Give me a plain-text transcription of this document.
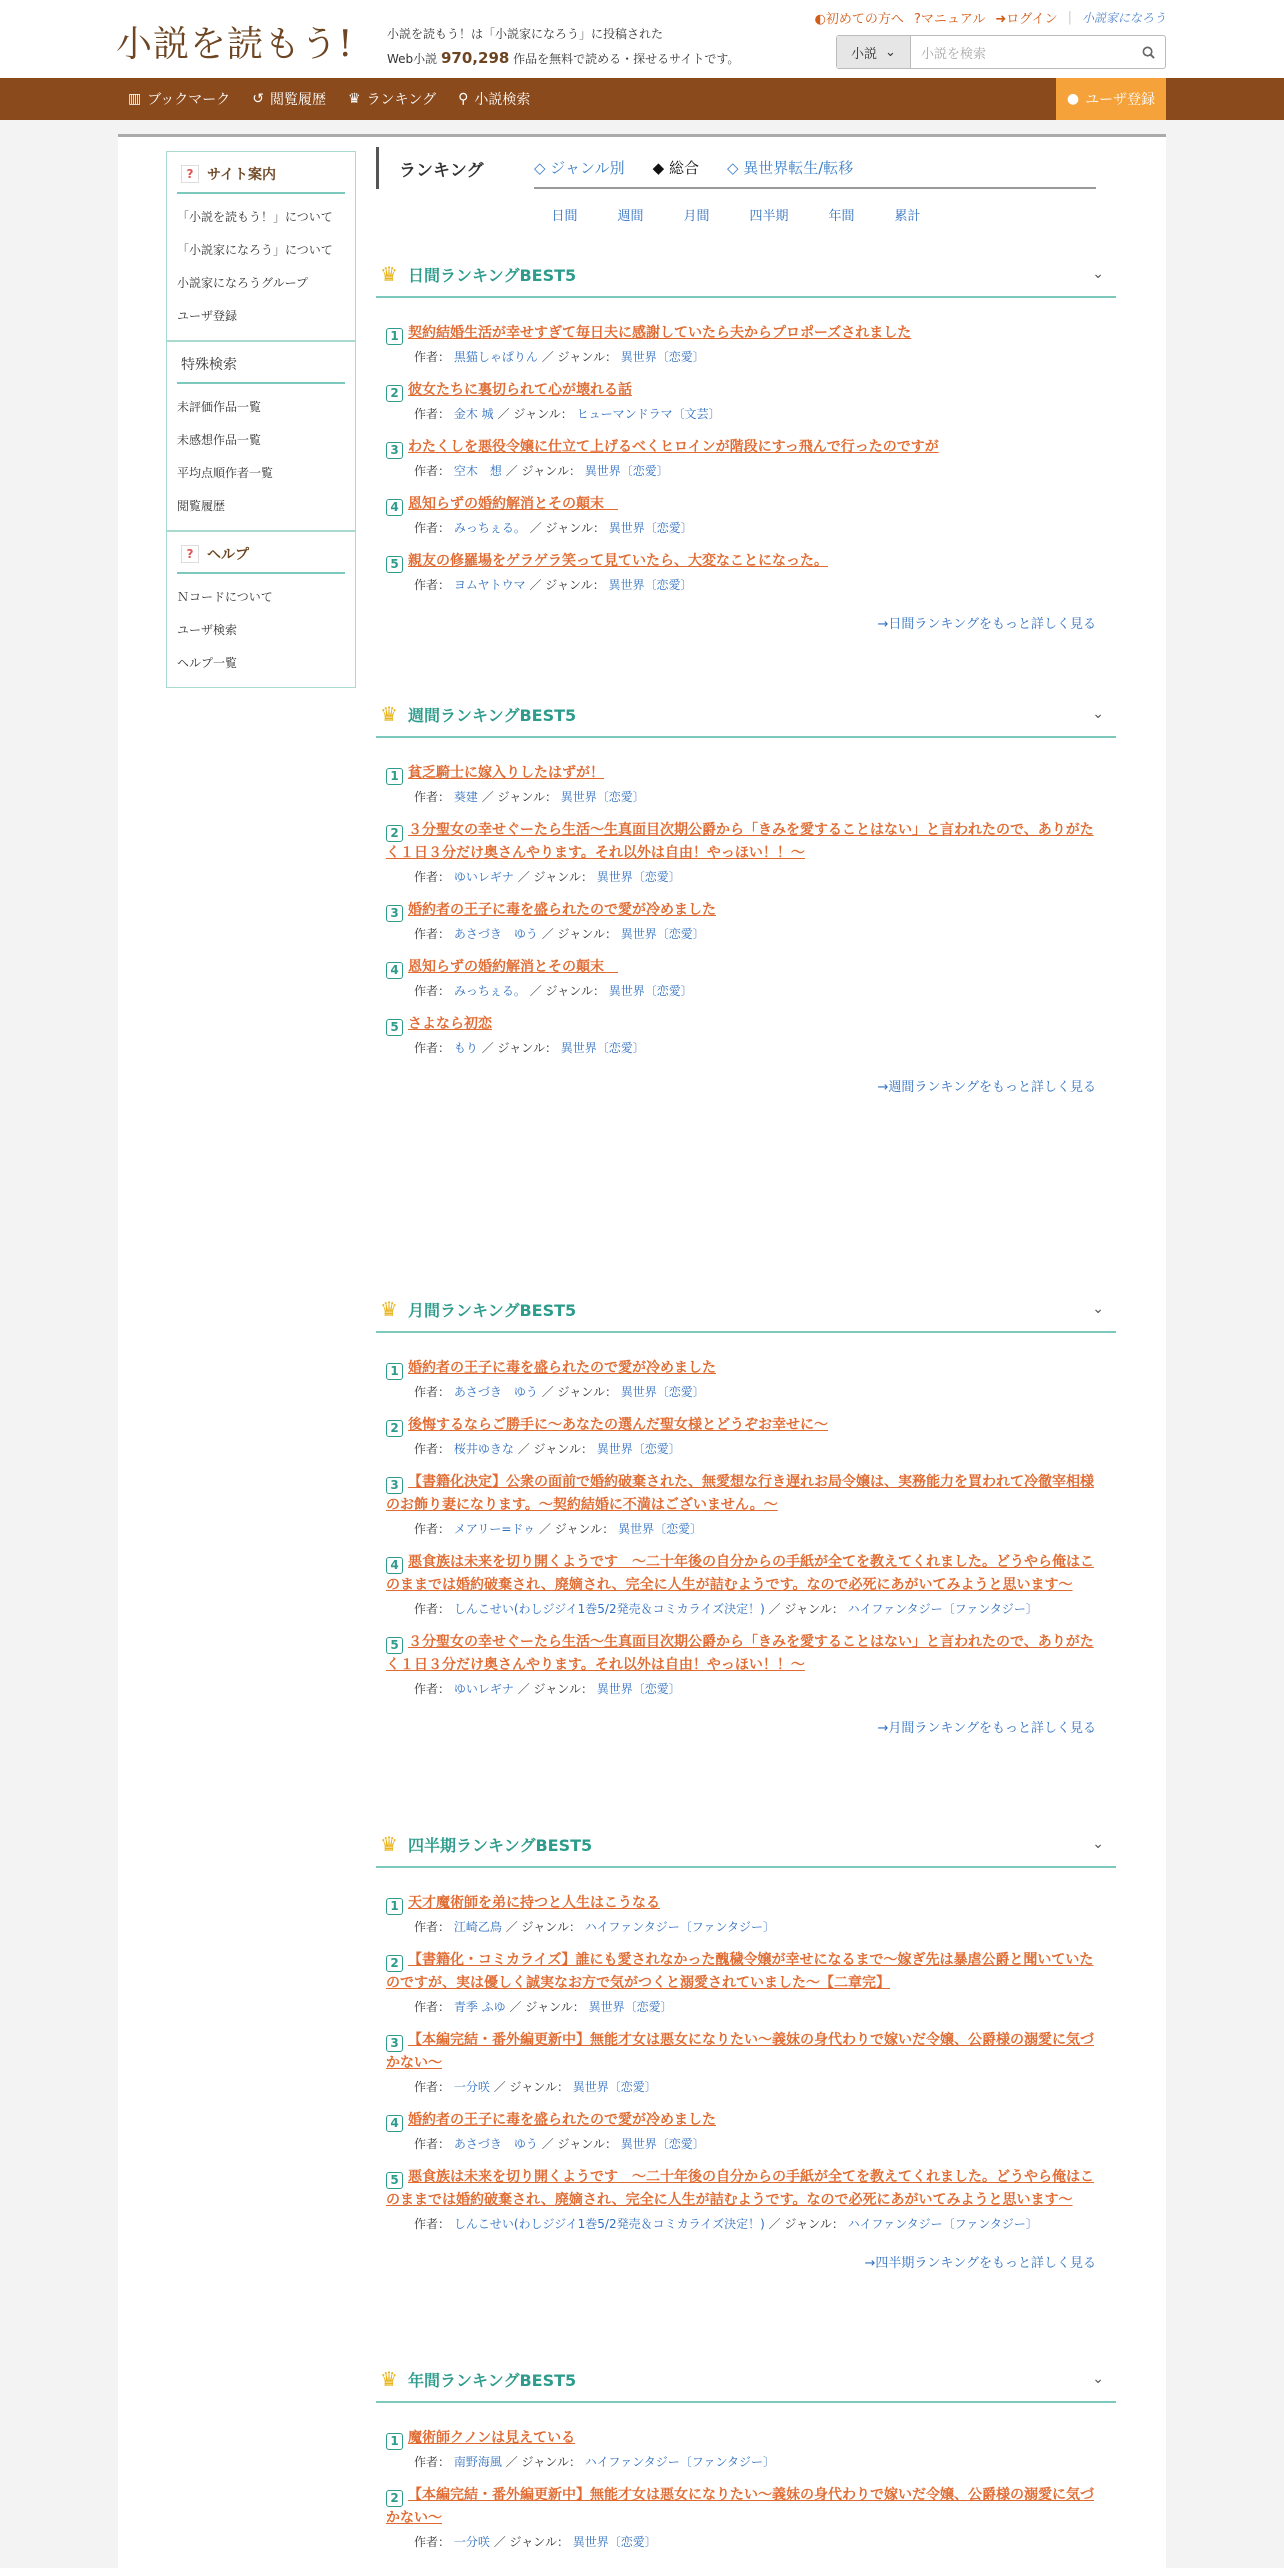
小説を読もう!	小説を読もう！は「小説家になろう」に投稿された
Web小説 970,298 作品を無料で読める・探せるサイトです。
◐初めての方へ ?マニュアル ➜ログイン | 小説家になろう
小説 ⌄	小説を検索
▥ ブックマーク ↺ 閲覧履歴 ♛ ランキング ⚲ 小説検索	● ユーザ登録
? サイト案内
「小説を読もう！」について
「小説家になろう」について
小説家になろうグループ
ユーザ登録
特殊検索
未評価作品一覧
未感想作品一覧
平均点順作者一覧
閲覧履歴
? ヘルプ
Ｎコードについて
ユーザ検索
ヘルプ一覧
ランキング	◇ ジャンル別 ◆ 総合 ◇ 異世界転生/転移
日間	週間	月間	四半期	年間	累計
♛ 日間ランキングBEST5	⌄
1 契約結婚生活が幸せすぎて毎日夫に感謝していたら夫からプロポーズされました
作者： 黒猫しゃぱりん ／ ジャンル： 異世界〔恋愛〕
2 彼女たちに裏切られて心が壊れる話
作者： 金木 城 ／ ジャンル： ヒューマンドラマ〔文芸〕
3 わたくしを悪役令嬢に仕立て上げるべくヒロインが階段にすっ飛んで行ったのですが
作者： 空木　想 ／ ジャンル： 異世界〔恋愛〕
4 恩知らずの婚約解消とその顛末　
作者： みっちぇる。 ／ ジャンル： 異世界〔恋愛〕
5 親友の修羅場をゲラゲラ笑って見ていたら、大変なことになった。
作者： ヨムヤトウマ ／ ジャンル： 異世界〔恋愛〕
→日間ランキングをもっと詳しく見る
♛ 週間ランキングBEST5	⌄
1 貧乏騎士に嫁入りしたはずが！
作者： 葵建 ／ ジャンル： 異世界〔恋愛〕
2 ３分聖女の幸せぐーたら生活〜生真面目次期公爵から「きみを愛することはない」と言われたので、ありがたく１日３分だけ奥さんやります。それ以外は自由！やっほい！！〜
作者： ゆいレギナ ／ ジャンル： 異世界〔恋愛〕
3 婚約者の王子に毒を盛られたので愛が冷めました
作者： あさづき　ゆう ／ ジャンル： 異世界〔恋愛〕
4 恩知らずの婚約解消とその顛末　
作者： みっちぇる。 ／ ジャンル： 異世界〔恋愛〕
5 さよなら初恋
作者： もり ／ ジャンル： 異世界〔恋愛〕
→週間ランキングをもっと詳しく見る
♛ 月間ランキングBEST5	⌄
1 婚約者の王子に毒を盛られたので愛が冷めました
作者： あさづき　ゆう ／ ジャンル： 異世界〔恋愛〕
2 後悔するならご勝手に～あなたの選んだ聖女様とどうぞお幸せに～
作者： 桜井ゆきな ／ ジャンル： 異世界〔恋愛〕
3 【書籍化決定】公衆の面前で婚約破棄された、無愛想な行き遅れお局令嬢は、実務能力を買われて冷徹宰相様のお飾り妻になります。～契約結婚に不満はございません。～
作者： メアリー=ドゥ ／ ジャンル： 異世界〔恋愛〕
4 悪食族は未来を切り開くようです　～二十年後の自分からの手紙が全てを教えてくれました。どうやら俺はこのままでは婚約破棄され、廃嫡され、完全に人生が詰むようです。なので必死にあがいてみようと思います～
作者： しんこせい(わしジジイ1巻5/2発売＆コミカライズ決定！) ／ ジャンル： ハイファンタジー〔ファンタジー〕
5 ３分聖女の幸せぐーたら生活〜生真面目次期公爵から「きみを愛することはない」と言われたので、ありがたく１日３分だけ奥さんやります。それ以外は自由！やっほい！！〜
作者： ゆいレギナ ／ ジャンル： 異世界〔恋愛〕
→月間ランキングをもっと詳しく見る
♛ 四半期ランキングBEST5	⌄
1 天才魔術師を弟に持つと人生はこうなる
作者： 江崎乙鳥 ／ ジャンル： ハイファンタジー〔ファンタジー〕
2 【書籍化・コミカライズ】誰にも愛されなかった醜穢令嬢が幸せになるまで〜嫁ぎ先は暴虐公爵と聞いていたのですが、実は優しく誠実なお方で気がつくと溺愛されていました〜【二章完】
作者： 青季 ふゆ ／ ジャンル： 異世界〔恋愛〕
3 【本編完結・番外編更新中】無能才女は悪女になりたい～義妹の身代わりで嫁いだ令嬢、公爵様の溺愛に気づかない～
作者： 一分咲 ／ ジャンル： 異世界〔恋愛〕
4 婚約者の王子に毒を盛られたので愛が冷めました
作者： あさづき　ゆう ／ ジャンル： 異世界〔恋愛〕
5 悪食族は未来を切り開くようです　～二十年後の自分からの手紙が全てを教えてくれました。どうやら俺はこのままでは婚約破棄され、廃嫡され、完全に人生が詰むようです。なので必死にあがいてみようと思います～
作者： しんこせい(わしジジイ1巻5/2発売＆コミカライズ決定！) ／ ジャンル： ハイファンタジー〔ファンタジー〕
→四半期ランキングをもっと詳しく見る
♛ 年間ランキングBEST5	⌄
1 魔術師クノンは見えている
作者： 南野海風 ／ ジャンル： ハイファンタジー〔ファンタジー〕
2 【本編完結・番外編更新中】無能才女は悪女になりたい～義妹の身代わりで嫁いだ令嬢、公爵様の溺愛に気づかない～
作者： 一分咲 ／ ジャンル： 異世界〔恋愛〕
